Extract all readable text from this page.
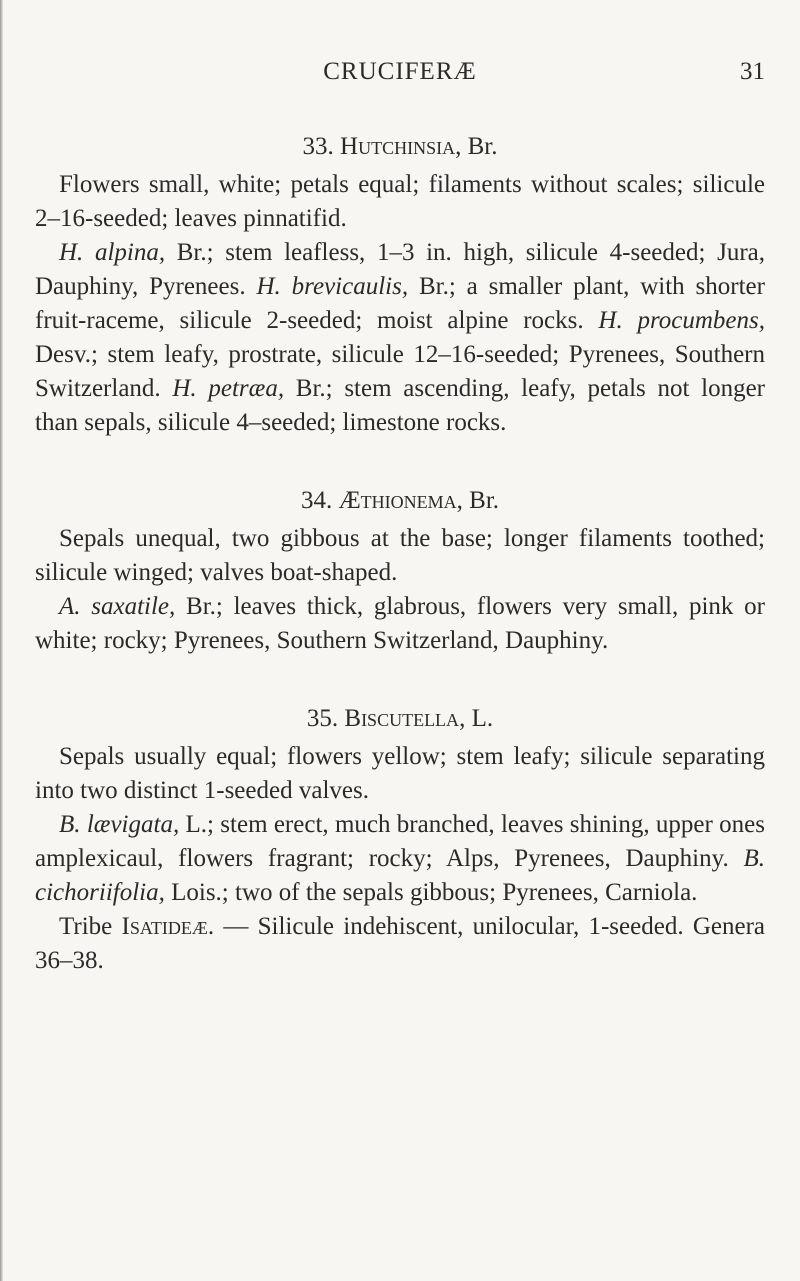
CRUCIFERÆ	31
33. Hutchinsia, Br.

Flowers small, white; petals equal; filaments without scales; silicule 2–16-seeded; leaves pinnatifid.

H. alpina, Br.; stem leafless, 1–3 in. high, silicule 4-seeded; Jura, Dauphiny, Pyrenees. H. brevicaulis, Br.; a smaller plant, with shorter fruit-raceme, silicule 2-seeded; moist alpine rocks. H. procumbens, Desv.; stem leafy, prostrate, silicule 12–16-seeded; Pyrenees, Southern Switzerland. H. petræa, Br.; stem ascending, leafy, petals not longer than sepals, silicule 4–seeded; limestone rocks.

34. Æthionema, Br.

Sepals unequal, two gibbous at the base; longer filaments toothed; silicule winged; valves boat-shaped.

A. saxatile, Br.; leaves thick, glabrous, flowers very small, pink or white; rocky; Pyrenees, Southern Switzerland, Dauphiny.

35. Biscutella, L.

Sepals usually equal; flowers yellow; stem leafy; silicule separating into two distinct 1-seeded valves.

B. lævigata, L.; stem erect, much branched, leaves shining, upper ones amplexicaul, flowers fragrant; rocky; Alps, Pyrenees, Dauphiny. B. cichoriifolia, Lois.; two of the sepals gibbous; Pyrenees, Carniola.

Tribe Isatideæ. — Silicule indehiscent, unilocular, 1-seeded. Genera 36–38.
